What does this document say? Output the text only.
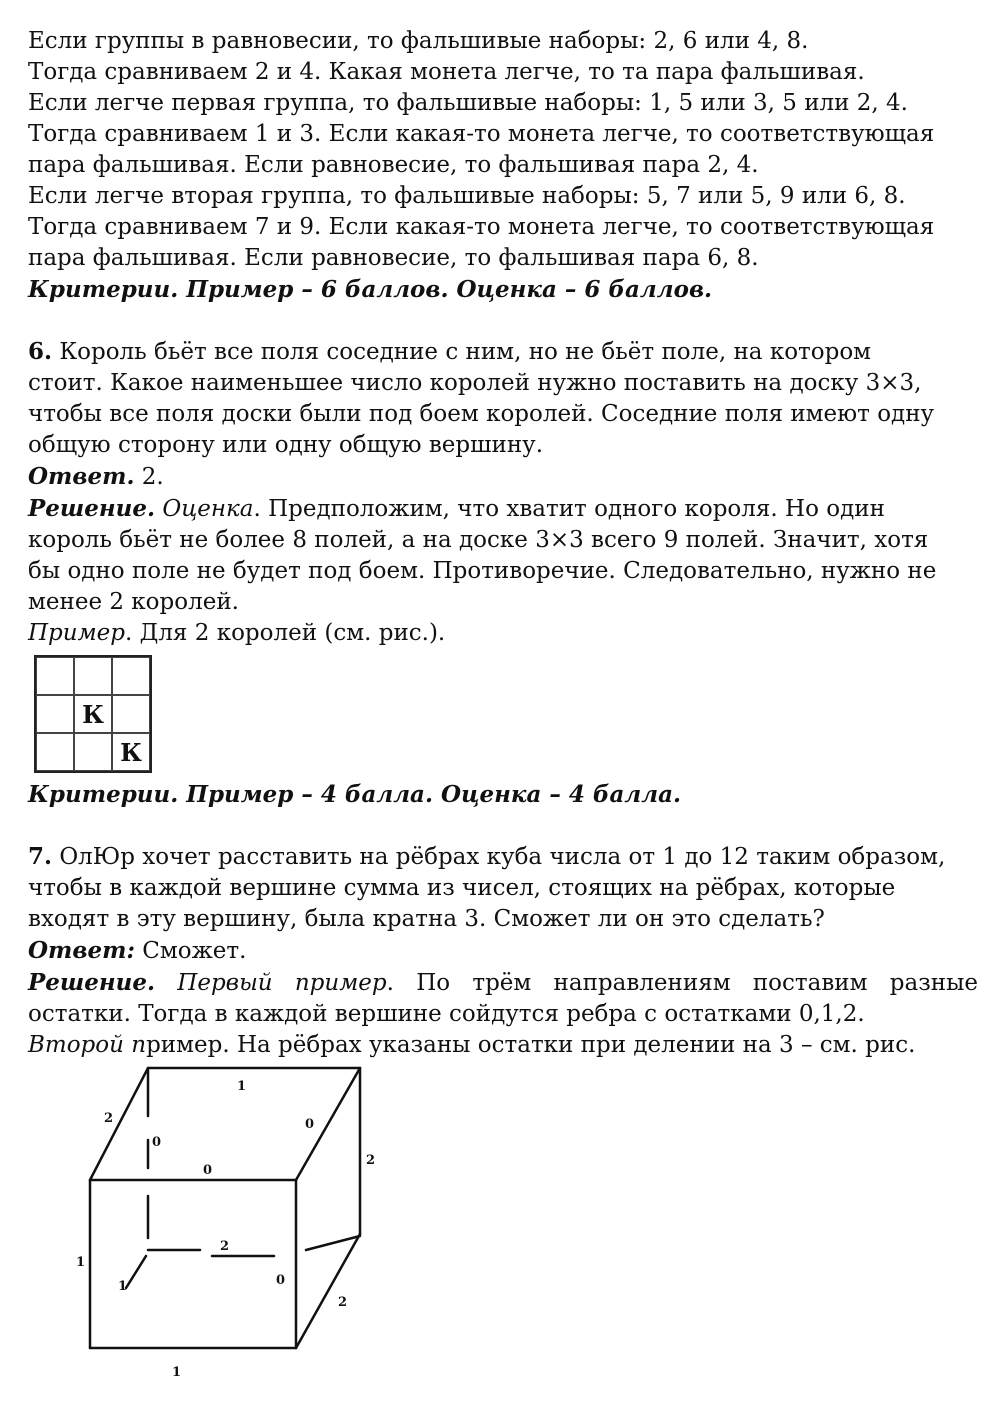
Если группы в равновесии, то фальшивые наборы: 2, 6 или 4, 8.
Тогда сравниваем 2 и 4. Какая монета легче, то та пара фальшивая.
Если легче первая группа, то фальшивые наборы: 1, 5 или 3, 5 или 2, 4.
Тогда сравниваем 1 и 3. Если какая-то монета легче, то соответствующая
пара фальшивая. Если равновесие, то фальшивая пара 2, 4.
Если легче вторая группа, то фальшивые наборы: 5, 7 или 5, 9 или 6, 8.
Тогда сравниваем 7 и 9. Если какая-то монета легче, то соответствующая
пара фальшивая. Если равновесие, то фальшивая пара 6, 8.
Критерии. Пример – 6 баллов. Оценка – 6 баллов.
6. Король бьёт все поля соседние с ним, но не бьёт поле, на котором
стоит. Какое наименьшее число королей нужно поставить на доску 3×3,
чтобы все поля доски были под боем королей. Соседние поля имеют одну
общую сторону или одну общую вершину.
Ответ. 2.
Решение. Оценка. Предположим, что хватит одного короля. Но один
король бьёт не более 8 полей, а на доске 3×3 всего 9 полей. Значит, хотя
бы одно поле не будет под боем. Противоречие. Следовательно, нужно не
менее 2 королей.
Пример. Для 2 королей (см. рис.).
К
К
Критерии. Пример – 4 балла. Оценка – 4 балла.
7. ОлЮр хочет расставить на рёбрах куба числа от 1 до 12 таким образом,
чтобы в каждой вершине сумма из чисел, стоящих на рёбрах, которые
входят в эту вершину, была кратна 3. Сможет ли он это сделать?
Ответ: Сможет.
Решение. Первый пример. По трём направлениям поставим разные
остатки. Тогда в каждой вершине сойдутся ребра с остатками 0,1,2.
Второй пример. На рёбрах указаны остатки при делении на 3 – см. рис.
1
2
0
0
0
2
1
1
2
0
2
1
